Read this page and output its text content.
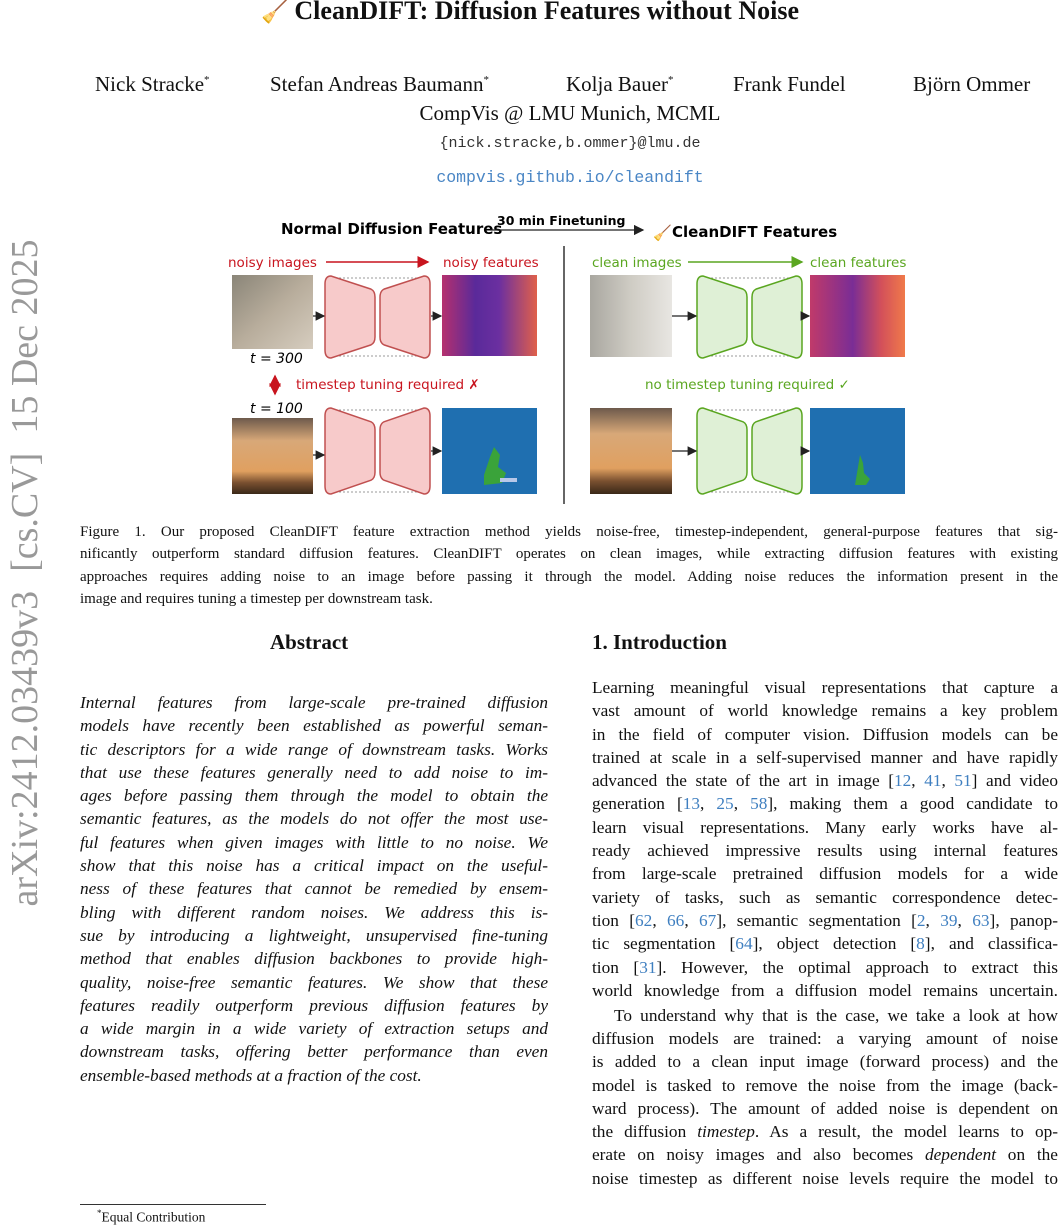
🧹 CleanDIFT: Diffusion Features without Noise
Nick Stracke*	Stefan Andreas Baumann*	Kolja Bauer*	Frank Fundel	Björn Ommer
CompVis @ LMU Munich, MCML
{nick.stracke,b.ommer}@lmu.de
compvis.github.io/cleandift
arXiv:2412.03439v3  [cs.CV]  15 Dec 2025
Normal Diffusion Features
30 min Finetuning
🧹 CleanDIFT Features
noisy images	noisy features
t = 300
timestep tuning required ✗
t = 100
clean images	clean features
no timestep tuning required ✓
Figure 1. Our proposed CleanDIFT feature extraction method yields noise-free, timestep-independent, general-purpose features that sig-
nificantly outperform standard diffusion features. CleanDIFT operates on clean images, while extracting diffusion features with existing
approaches requires adding noise to an image before passing it through the model. Adding noise reduces the information present in the
image and requires tuning a timestep per downstream task.
Abstract	1. Introduction
Internal features from large-scale pre-trained diffusion
models have recently been established as powerful seman-
tic descriptors for a wide range of downstream tasks. Works
that use these features generally need to add noise to im-
ages before passing them through the model to obtain the
semantic features, as the models do not offer the most use-
ful features when given images with little to no noise. We
show that this noise has a critical impact on the useful-
ness of these features that cannot be remedied by ensem-
bling with different random noises. We address this is-
sue by introducing a lightweight, unsupervised fine-tuning
method that enables diffusion backbones to provide high-
quality, noise-free semantic features. We show that these
features readily outperform previous diffusion features by
a wide margin in a wide variety of extraction setups and
downstream tasks, offering better performance than even
ensemble-based methods at a fraction of the cost.
Learning meaningful visual representations that capture a
vast amount of world knowledge remains a key problem
in the field of computer vision. Diffusion models can be
trained at scale in a self-supervised manner and have rapidly
advanced the state of the art in image [12, 41, 51] and video
generation [13, 25, 58], making them a good candidate to
learn visual representations. Many early works have al-
ready achieved impressive results using internal features
from large-scale pretrained diffusion models for a wide
variety of tasks, such as semantic correspondence detec-
tion [62, 66, 67], semantic segmentation [2, 39, 63], panop-
tic segmentation [64], object detection [8], and classifica-
tion [31]. However, the optimal approach to extract this
world knowledge from a diffusion model remains uncertain.
To understand why that is the case, we take a look at how
diffusion models are trained: a varying amount of noise
is added to a clean input image (forward process) and the
model is tasked to remove the noise from the image (back-
ward process). The amount of added noise is dependent on
the diffusion timestep. As a result, the model learns to op-
erate on noisy images and also becomes dependent on the
noise timestep as different noise levels require the model to
*Equal Contribution
